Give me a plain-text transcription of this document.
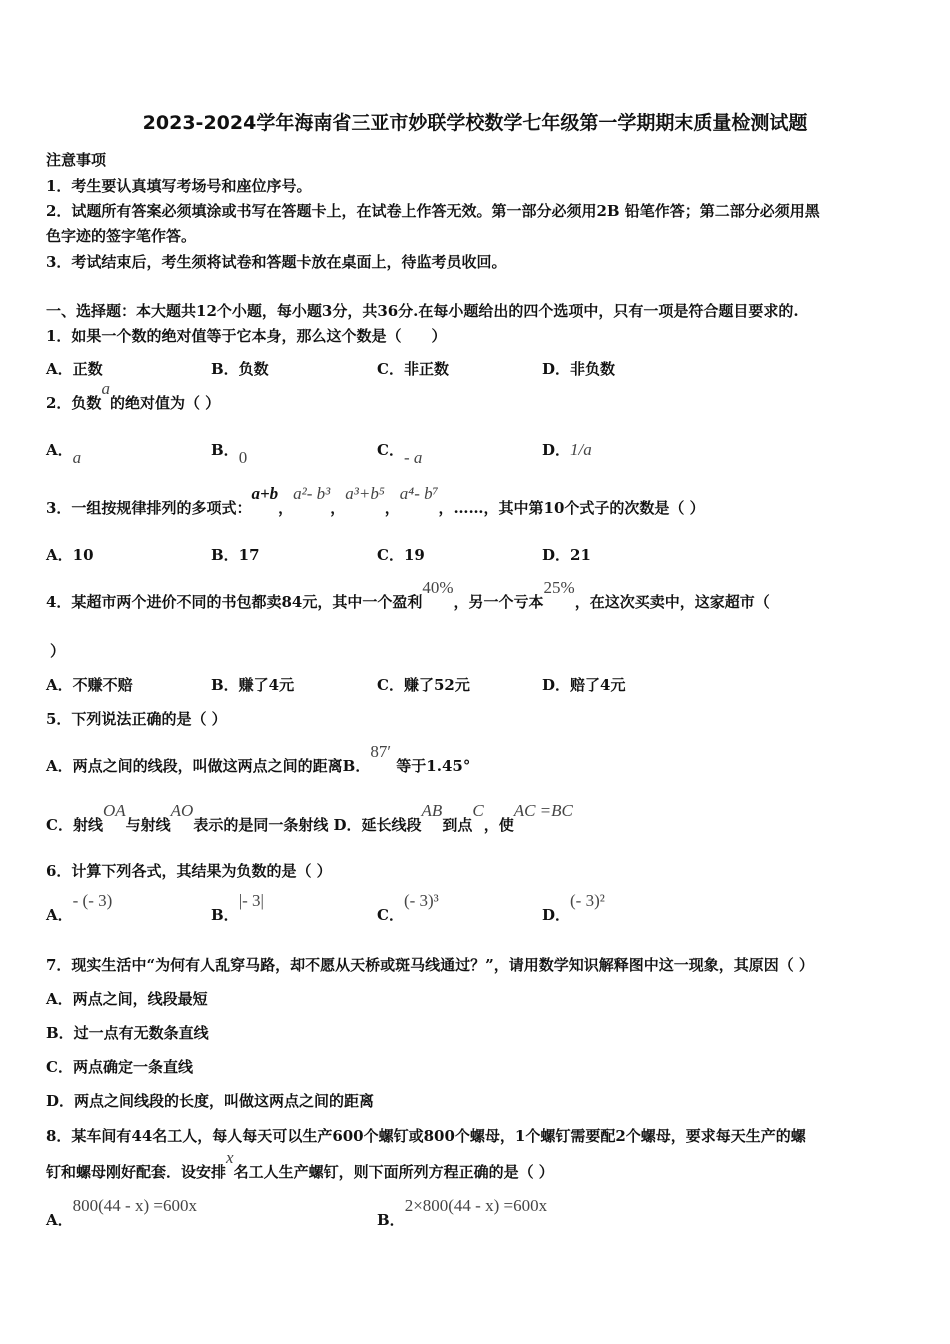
2023-2024学年海南省三亚市妙联学校数学七年级第一学期期末质量检测试题
注意事项
1．考生要认真填写考场号和座位序号。
2．试题所有答案必须填涂或书写在答题卡上，在试卷上作答无效。第一部分必须用2B 铅笔作答；第二部分必须用黑
色字迹的签字笔作答。
3．考试结束后，考生须将试卷和答题卡放在桌面上，待监考员收回。
一、选择题：本大题共12个小题，每小题3分，共36分.在每小题给出的四个选项中，只有一项是符合题目要求的.
1．如果一个数的绝对值等于它本身，那么这个数是（　　）
A．正数	B．负数	C．非正数	D．非负数
2．负数a的绝对值为（ ）
A．a	B．0	C．- a	D．1/a
3．一组按规律排列的多项式：a+b，a²- b³，a³+b⁵，a⁴- b⁷，……，其中第10个式子的次数是（ ）
A．10	B．17	C．19	D．21
4．某超市两个进价不同的书包都卖84元，其中一个盈利40%，另一个亏本25%，在这次买卖中，这家超市（
）
A．不赚不赔	B．赚了4元	C．赚了52元	D．赔了4元
5．下列说法正确的是（ ）
A．两点之间的线段，叫做这两点之间的距离B．87′ 等于1.45°
C．射线OA与射线AO表示的是同一条射线 D．延长线段AB到点C，使AC =BC
6．计算下列各式，其结果为负数的是（ ）
A．- (- 3)
B．|- 3|
C．(- 3)³
D．(- 3)²
7．现实生活中“为何有人乱穿马路，却不愿从天桥或斑马线通过？”，请用数学知识解释图中这一现象，其原因（ ）
A．两点之间，线段最短
B．过一点有无数条直线
C．两点确定一条直线
D．两点之间线段的长度，叫做这两点之间的距离
8．某车间有44名工人，每人每天可以生产600个螺钉或800个螺母，1个螺钉需要配2个螺母，要求每天生产的螺
钉和螺母刚好配套．设安排x名工人生产螺钉，则下面所列方程正确的是（ ）
A．800(44 - x) =600x
B．2×800(44 - x) =600x
